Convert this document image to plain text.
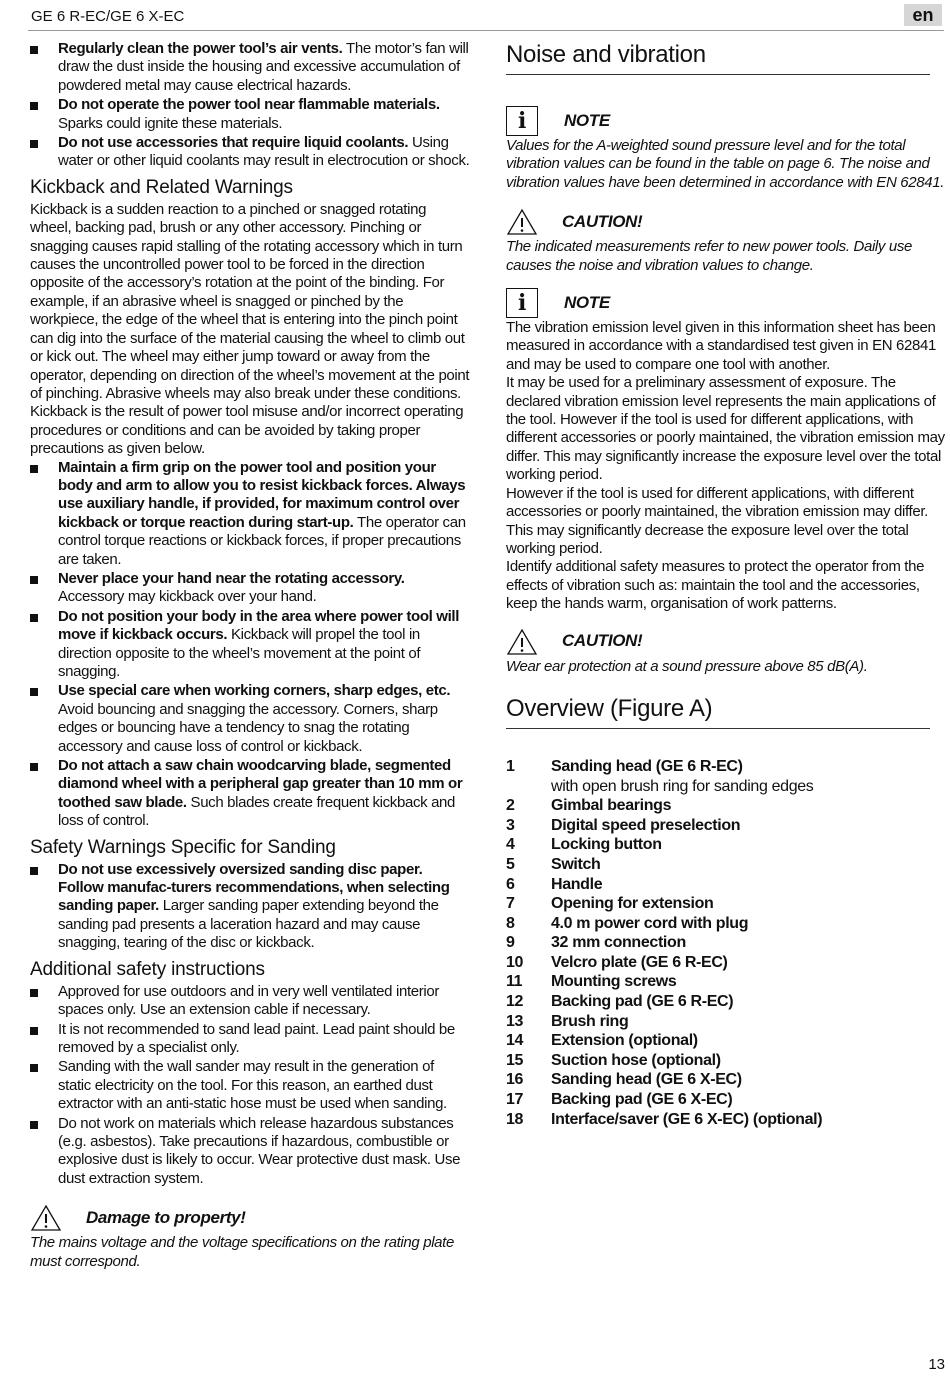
GE 6 R-EC/GE 6 X-EC	en
Regularly clean the power tool’s air vents. The motor’s fan will draw the dust inside the housing and excessive accumulation of powdered metal may cause electrical hazards.
Do not operate the power tool near flammable materials. Sparks could ignite these materials.
Do not use accessories that require liquid coolants. Using water or other liquid coolants may result in electrocution or shock.
Kickback and Related Warnings

Kickback is a sudden reaction to a pinched or snagged rotating wheel, backing pad, brush or any other accessory. Pinching or snagging causes rapid stalling of the rotating accessory which in turn causes the uncontrolled power tool to be forced in the direction opposite of the accessory’s rotation at the point of the binding. For example, if an abrasive wheel is snagged or pinched by the workpiece, the edge of the wheel that is entering into the pinch point can dig into the surface of the material causing the wheel to climb out or kick out. The wheel may either jump toward or away from the operator, depending on direction of the wheel’s movement at the point of pinching. Abrasive wheels may also break under these conditions. Kickback is the result of power tool misuse and/or incorrect operating procedures or conditions and can be avoided by taking proper precautions as given below.

Maintain a firm grip on the power tool and position your body and arm to allow you to resist kickback forces. Always use auxiliary handle, if provided, for maximum control over kickback or torque reaction during start-up. The operator can control torque reactions or kickback forces, if proper precautions are taken.
Never place your hand near the rotating accessory. Accessory may kickback over your hand.
Do not position your body in the area where power tool will move if kickback occurs. Kickback will propel the tool in direction opposite to the wheel’s movement at the point of snagging.
Use special care when working corners, sharp edges, etc. Avoid bouncing and snagging the accessory. Corners, sharp edges or bouncing have a tendency to snag the rotating accessory and cause loss of control or kickback.
Do not attach a saw chain woodcarving blade, segmented diamond wheel with a peripheral gap greater than 10 mm or toothed saw blade. Such blades create frequent kickback and loss of control.
Safety Warnings Specific for Sanding
Do not use excessively oversized sanding disc paper. Follow manufac-turers recommendations, when selecting sanding paper. Larger sanding paper extending beyond the sanding pad presents a laceration hazard and may cause snagging, tearing of the disc or kickback.
Additional safety instructions
Approved for use outdoors and in very well ventilated interior spaces only. Use an extension cable if necessary.
It is not recommended to sand lead paint. Lead paint should be removed by a specialist only.
Sanding with the wall sander may result in the generation of static electricity on the tool. For this reason, an earthed dust extractor with an anti-static hose must be used when sanding.
Do not work on materials which release hazardous substances (e.g. asbestos). Take precautions if hazardous, combustible or explosive dust is likely to occur. Wear protective dust mask. Use dust extraction system.
Damage to property!

The mains voltage and the voltage specifications on the rating plate must correspond.

Noise and vibration
i	NOTE

Values for the A-weighted sound pressure level and for the total vibration values can be found in the table on page 6. The noise and vibration values have been determined in accordance with EN 62841.

CAUTION!

The indicated measurements refer to new power tools. Daily use causes the noise and vibration values to change.

i	NOTE

The vibration emission level given in this information sheet has been measured in accordance with a standardised test given in EN 62841 and may be used to compare one tool with another.

It may be used for a preliminary assessment of exposure. The declared vibration emission level represents the main applications of the tool. However if the tool is used for different applications, with different accessories or poorly maintained, the vibration emission may differ. This may significantly increase the exposure level over the total working period.

However if the tool is used for different applications, with different accessories or poorly maintained, the vibration emission may differ. This may significantly decrease the exposure level over the total working period.

Identify additional safety measures to protect the operator from the effects of vibration such as: maintain the tool and the accessories, keep the hands warm, organisation of work patterns.

CAUTION!

Wear ear protection at a sound pressure above 85 dB(A).

Overview (Figure A)
1	Sanding head (GE 6 R-EC)
with open brush ring for sanding edges
2	Gimbal bearings
3	Digital speed preselection
4	Locking button
5	Switch
6	Handle
7	Opening for extension
8	4.0 m power cord with plug
9	32 mm connection
10	Velcro plate (GE 6 R-EC)
11	Mounting screws
12	Backing pad (GE 6 R-EC)
13	Brush ring
14	Extension (optional)
15	Suction hose (optional)
16	Sanding head (GE 6 X-EC)
17	Backing pad (GE 6 X-EC)
18	Interface/saver (GE 6 X-EC) (optional)
13
